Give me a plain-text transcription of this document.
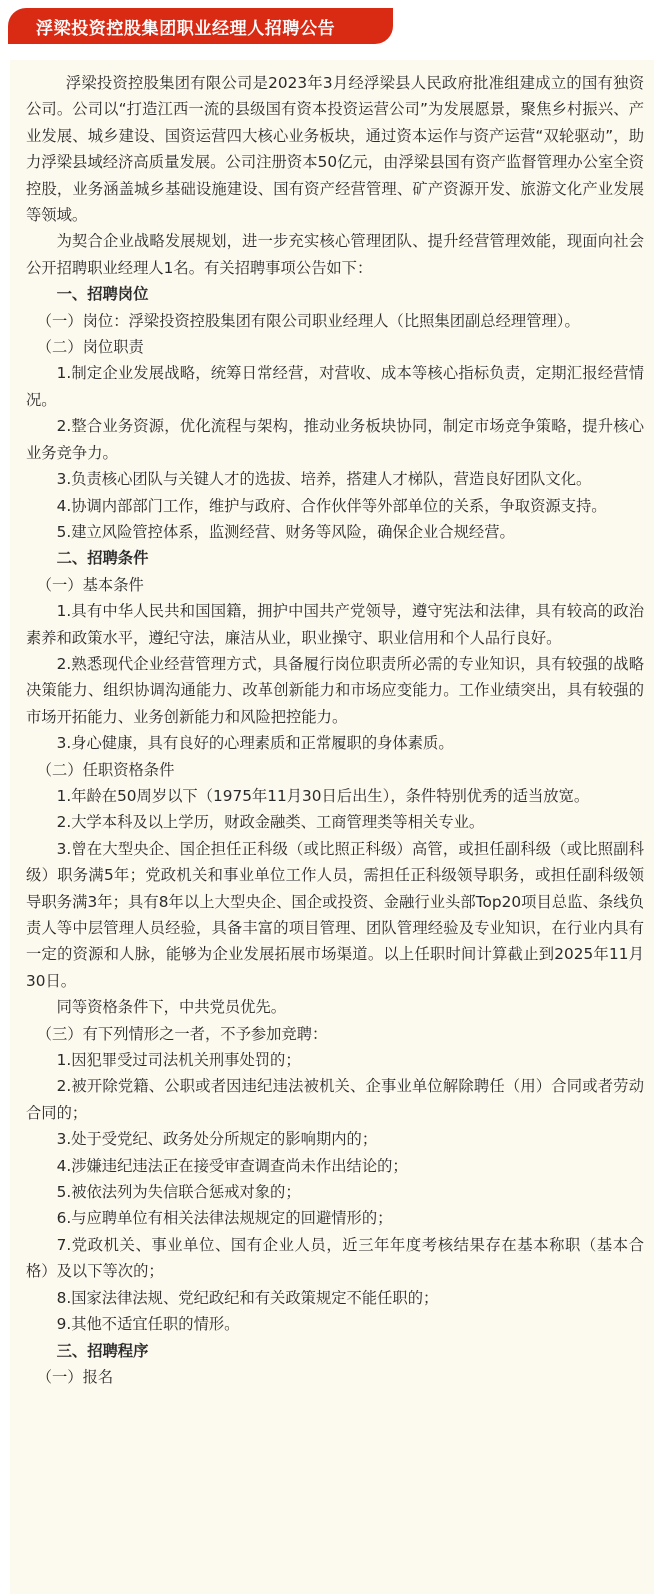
浮梁投资控股集团职业经理人招聘公告

浮梁投资控股集团有限公司是2023年3月经浮梁县人民政府批准组建成立的国有独资公司。公司以“打造江西一流的县级国有资本投资运营公司”为发展愿景，聚焦乡村振兴、产业发展、城乡建设、国资运营四大核心业务板块，通过资本运作与资产运营“双轮驱动”，助力浮梁县域经济高质量发展。公司注册资本50亿元，由浮梁县国有资产监督管理办公室全资控股，业务涵盖城乡基础设施建设、国有资产经营管理、矿产资源开发、旅游文化产业发展等领域。

为契合企业战略发展规划，进一步充实核心管理团队、提升经营管理效能，现面向社会公开招聘职业经理人1名。有关招聘事项公告如下：

一、招聘岗位

（一）岗位：浮梁投资控股集团有限公司职业经理人（比照集团副总经理管理）。

（二）岗位职责

1.制定企业发展战略，统筹日常经营，对营收、成本等核心指标负责，定期汇报经营情况。

2.整合业务资源，优化流程与架构，推动业务板块协同，制定市场竞争策略，提升核心业务竞争力。

3.负责核心团队与关键人才的选拔、培养，搭建人才梯队，营造良好团队文化。

4.协调内部部门工作，维护与政府、合作伙伴等外部单位的关系，争取资源支持。

5.建立风险管控体系，监测经营、财务等风险，确保企业合规经营。

二、招聘条件

（一）基本条件

1.具有中华人民共和国国籍，拥护中国共产党领导，遵守宪法和法律，具有较高的政治素养和政策水平，遵纪守法，廉洁从业，职业操守、职业信用和个人品行良好。

2.熟悉现代企业经营管理方式，具备履行岗位职责所必需的专业知识，具有较强的战略决策能力、组织协调沟通能力、改革创新能力和市场应变能力。工作业绩突出，具有较强的市场开拓能力、业务创新能力和风险把控能力。

3.身心健康，具有良好的心理素质和正常履职的身体素质。

（二）任职资格条件

1.年龄在50周岁以下（1975年11月30日后出生），条件特别优秀的适当放宽。

2.大学本科及以上学历，财政金融类、工商管理类等相关专业。

3.曾在大型央企、国企担任正科级（或比照正科级）高管，或担任副科级（或比照副科级）职务满5年；党政机关和事业单位工作人员，需担任正科级领导职务，或担任副科级领导职务满3年；具有8年以上大型央企、国企或投资、金融行业头部Top20项目总监、条线负责人等中层管理人员经验，具备丰富的项目管理、团队管理经验及专业知识，在行业内具有一定的资源和人脉，能够为企业发展拓展市场渠道。以上任职时间计算截止到2025年11月30日。

同等资格条件下，中共党员优先。

（三）有下列情形之一者，不予参加竞聘：

1.因犯罪受过司法机关刑事处罚的；

2.被开除党籍、公职或者因违纪违法被机关、企事业单位解除聘任（用）合同或者劳动合同的；

3.处于受党纪、政务处分所规定的影响期内的；

4.涉嫌违纪违法正在接受审查调查尚未作出结论的；

5.被依法列为失信联合惩戒对象的；

6.与应聘单位有相关法律法规规定的回避情形的；

7.党政机关、事业单位、国有企业人员，近三年年度考核结果存在基本称职（基本合格）及以下等次的；

8.国家法律法规、党纪政纪和有关政策规定不能任职的；

9.其他不适宜任职的情形。

三、招聘程序

（一）报名
